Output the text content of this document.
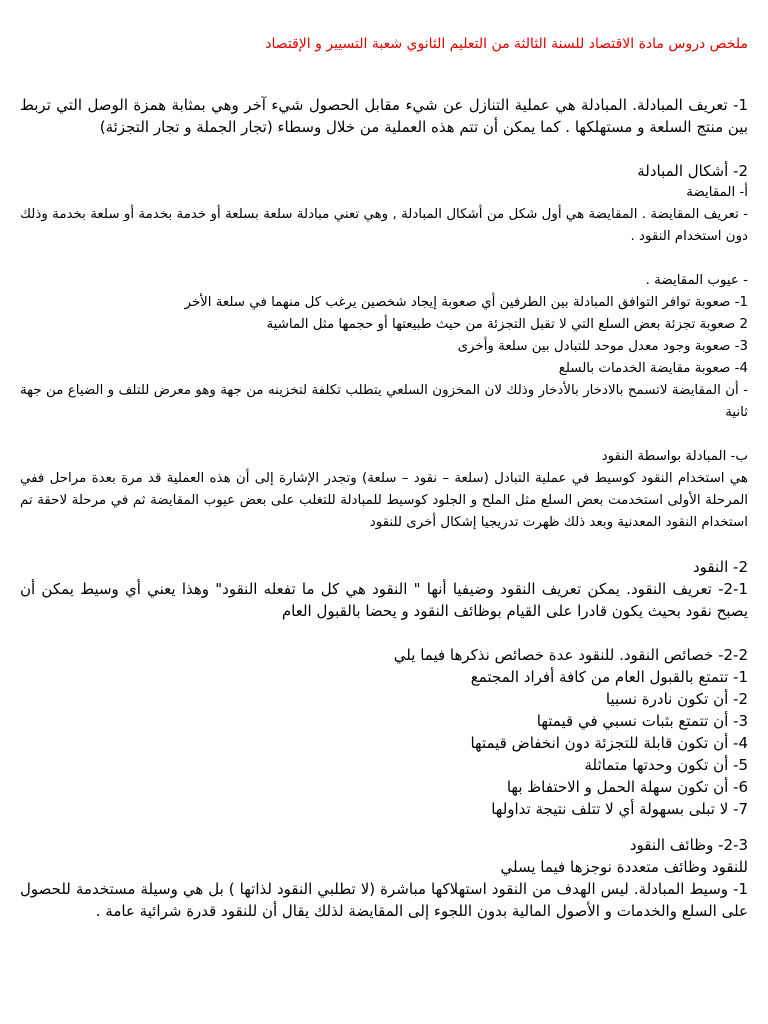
ملخص دروس مادة الاقتصاد للسنة الثالثة من التعليم الثانوي شعبة التسيير و الإقتصاد

1- تعريف المبادلة. المبادلة هي عملية التنازل عن شيء مقابل الحصول شيء آخر وهي بمثابة همزة الوصل التي تربط بين منتج السلعة و مستهلكها . كما يمكن أن تتم هذه العملية من خلال وسطاء (تجار الجملة و تجار التجزئة)

2- أشكال المبادلة

أ- المقايضة

- تعريف المقايضة . المقايضة هي أول شكل من أشكال المبادلة , وهي تعني مبادلة سلعة بسلعة أو خدمة بخدمة أو سلعة بخدمة وذلك دون استخدام النقود .

- عيوب المقايضة .

1- صعوبة توافر التوافق المبادلة بين الطرفين أي صعوبة إيجاد شخصين يرغب كل منهما في سلعة الأخر

2 صعوبة تجزئة بعض السلع التي لا تقبل التجزئة من حيث طبيعتها أو حجمها مثل الماشية

3- صعوبة وجود معدل موحد للتبادل بين سلعة وأخرى

4- صعوبة مقايضة الخدمات بالسلع

- أن المقايضة لاتسمح بالادخار بالأدخار وذلك لان المخزون السلعي يتطلب تكلفة لتخزينه من جهة وهو معرض للتلف و الضياع من جهة ثانية

ب- المبادلة بواسطة النقود

هي استخدام النقود كوسيط في عملية التبادل (سلعة – نقود – سلعة) وتجدر الإشارة إلى أن هذه العملية قد مرة بعدة مراحل ففي المرحلة الأولى استخدمت بعض السلع مثل الملح و الجلود كوسيط للمبادلة للتغلب على بعض عيوب المقايضة ثم في مرحلة لاحقة تم استخدام النقود المعدنية وبعد ذلك ظهرت تدريجيا إشكال أخرى للنقود

2- النقود

2-1- تعريف النقود. يمكن تعريف النقود وضيفيا أنها " النقود هي كل ما تفعله النقود" وهذا يعني أي وسيط يمكن أن يصبح نقود بحيث يكون قادرا على القيام بوظائف النقود و يحضا بالقبول العام

2-2- خصائص النقود. للنقود عدة خصائص نذكرها فيما يلي

1- تتمتع بالقبول العام من كافة أفراد المجتمع

2- أن تكون نادرة نسبيا

3- أن تتمتع بثبات نسبي في قيمتها

4- أن تكون قابلة للتجزئة دون انخفاض قيمتها

5- أن تكون وحدتها متماثلة

6- أن تكون سهلة الحمل و الاحتفاظ بها

7- لا تبلى بسهولة أي لا تتلف نتيجة تداولها

2-3- وظائف النقود

للنقود وظائف متعددة نوجزها فيما يسلي

1- وسيط المبادلة. ليس الهدف من النقود استهلاكها مباشرة (لا تطلبي النقود لذاتها ) بل هي وسيلة مستخدمة للحصول على السلع والخدمات و الأصول المالية بدون اللجوء إلى المقايضة لذلك يقال أن للنقود قدرة شرائية عامة .
